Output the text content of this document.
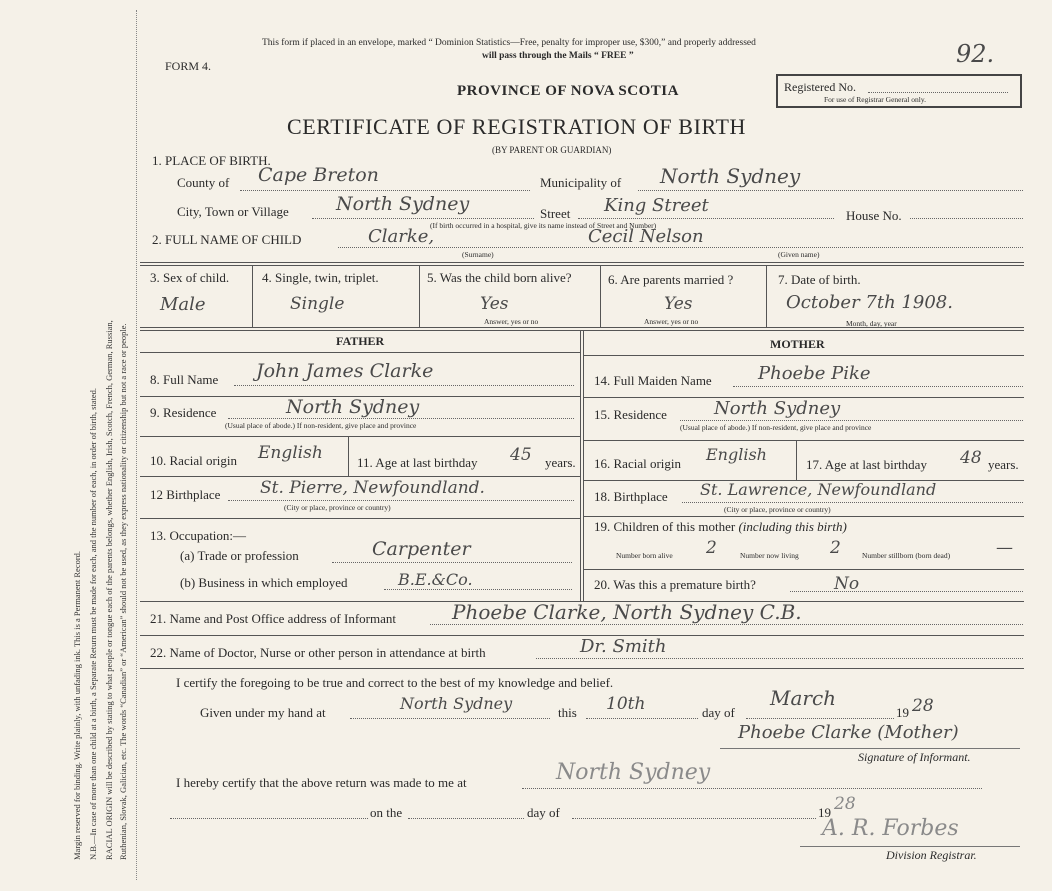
Margin reserved for binding. Write plainly, with unfading ink. This is a Permanent Record. N.B.—In case of more than one child at a birth, a Separate Return must be made for each, and the number of each, in order of birth, stated. RACIAL ORIGIN will be described by stating to what people or tongue each of the parents belongs, whether English, Irish, Scotch, French, German, Russian, Ruthenian, Slovak, Galician, etc. The words “Canadian” or “American” should not be used, as they express nationality or citizenship but not a race or people.
This form if placed in an envelope, marked “ Dominion Statistics—Free, penalty for improper use, $300,” and properly addressed
will pass through the Mails “ FREE ”
FORM 4.	92.
PROVINCE OF NOVA SCOTIA	Registered No.
For use of Registrar General only.
CERTIFICATE OF REGISTRATION OF BIRTH
(BY PARENT OR GUARDIAN)
1. PLACE OF BIRTH.
County of Cape Breton	Municipality of North Sydney
City, Town or Village North Sydney	Street King Street	House No.
(If birth occurred in a hospital, give its name instead of Street and Number)
2. FULL NAME OF CHILD	Clarke,	Cecil Nelson
(Surname)	(Given name)
3. Sex of child.
Male
4. Single, twin, triplet.
Single
5. Was the child born alive?
Yes
Answer, yes or no
6. Are parents married ?
Yes
Answer, yes or no
7. Date of birth.
October 7th 1908.
Month, day, year
FATHER	MOTHER
8. Full Name John James Clarke
9. Residence	North Sydney
(Usual place of abode.) If non-resident, give place and province
10. Racial origin English	11. Age at last birthday 45 years.
12 Birthplace St. Pierre, Newfoundland.
(City or place, province or country)
13. Occupation:—
(a) Trade or profession	Carpenter
(b) Business in which employed	B.E.&Co.
14. Full Maiden Name	Phoebe Pike
15. Residence	North Sydney
(Usual place of abode.) If non-resident, give place and province
16. Racial origin English
17. Age at last birthday 48 years.
18. Birthplace St. Lawrence, Newfoundland
(City or place, province or country)
19. Children of this mother (including this birth)
Number born alive 2	Number now living 2	Number stillborn (born dead)	—
20. Was this a premature birth?	No
21. Name and Post Office address of Informant	Phoebe Clarke, North Sydney C.B.
22. Name of Doctor, Nurse or other person in attendance at birth	Dr. Smith
I certify the foregoing to be true and correct to the best of my knowledge and belief.
Given under my hand at	North Sydney	this 10th	day of
March
19 28
Phoebe Clarke (Mother)
Signature of Informant.
I hereby certify that the above return was made to me at	North Sydney
on the	day of	19 28
A. R. Forbes
Division Registrar.
